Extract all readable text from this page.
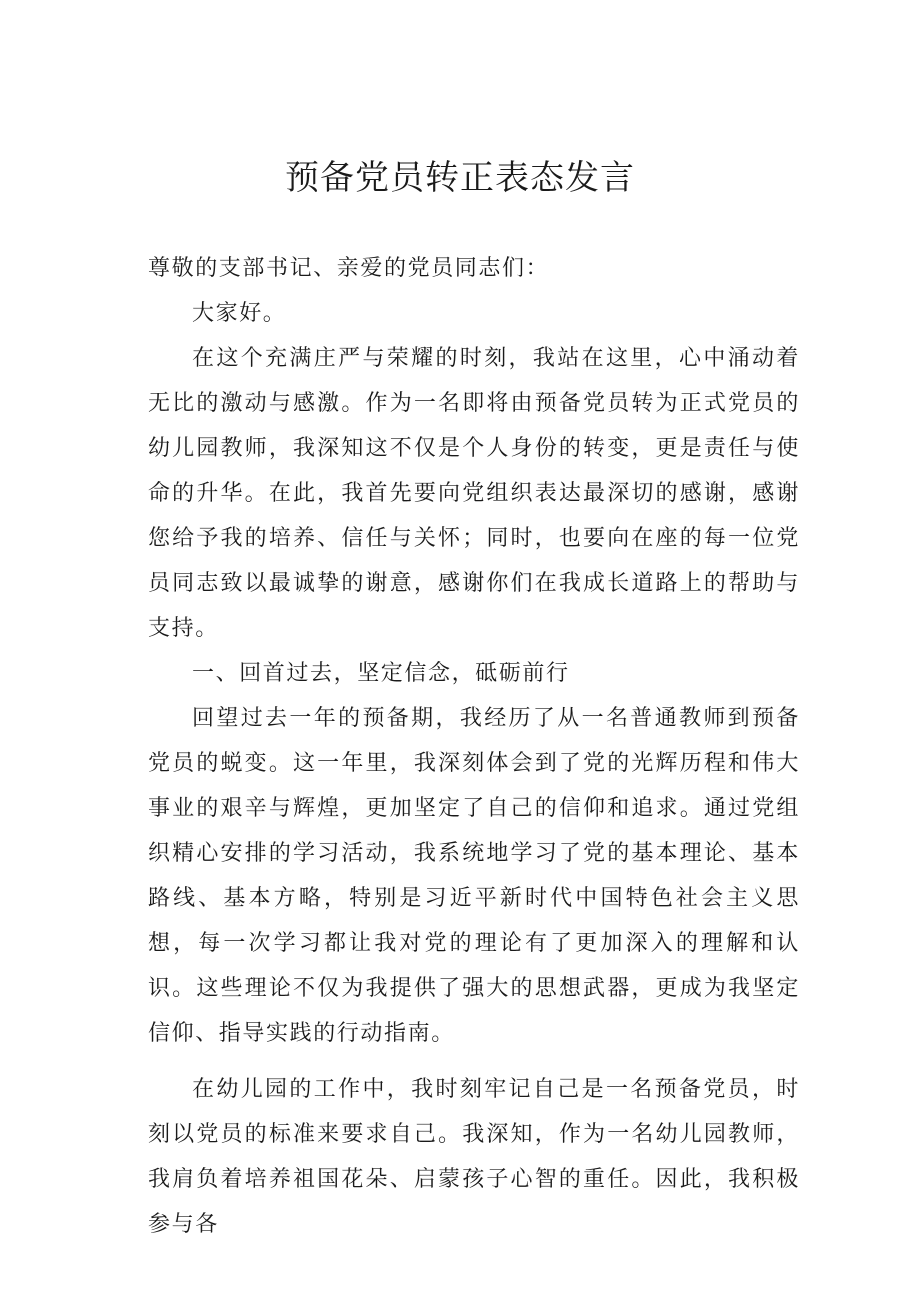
预备党员转正表态发言

尊敬的支部书记、亲爱的党员同志们：

大家好。

在这个充满庄严与荣耀的时刻，我站在这里，心中涌动着无比的激动与感激。作为一名即将由预备党员转为正式党员的幼儿园教师，我深知这不仅是个人身份的转变，更是责任与使命的升华。在此，我首先要向党组织表达最深切的感谢，感谢您给予我的培养、信任与关怀；同时，也要向在座的每一位党员同志致以最诚挚的谢意，感谢你们在我成长道路上的帮助与支持。

一、回首过去，坚定信念，砥砺前行

回望过去一年的预备期，我经历了从一名普通教师到预备党员的蜕变。这一年里，我深刻体会到了党的光辉历程和伟大事业的艰辛与辉煌，更加坚定了自己的信仰和追求。通过党组织精心安排的学习活动，我系统地学习了党的基本理论、基本路线、基本方略，特别是习近平新时代中国特色社会主义思想，每一次学习都让我对党的理论有了更加深入的理解和认识。这些理论不仅为我提供了强大的思想武器，更成为我坚定信仰、指导实践的行动指南。

在幼儿园的工作中，我时刻牢记自己是一名预备党员，时刻以党员的标准来要求自己。我深知，作为一名幼儿园教师，我肩负着培养祖国花朵、启蒙孩子心智的重任。因此，我积极参与各
